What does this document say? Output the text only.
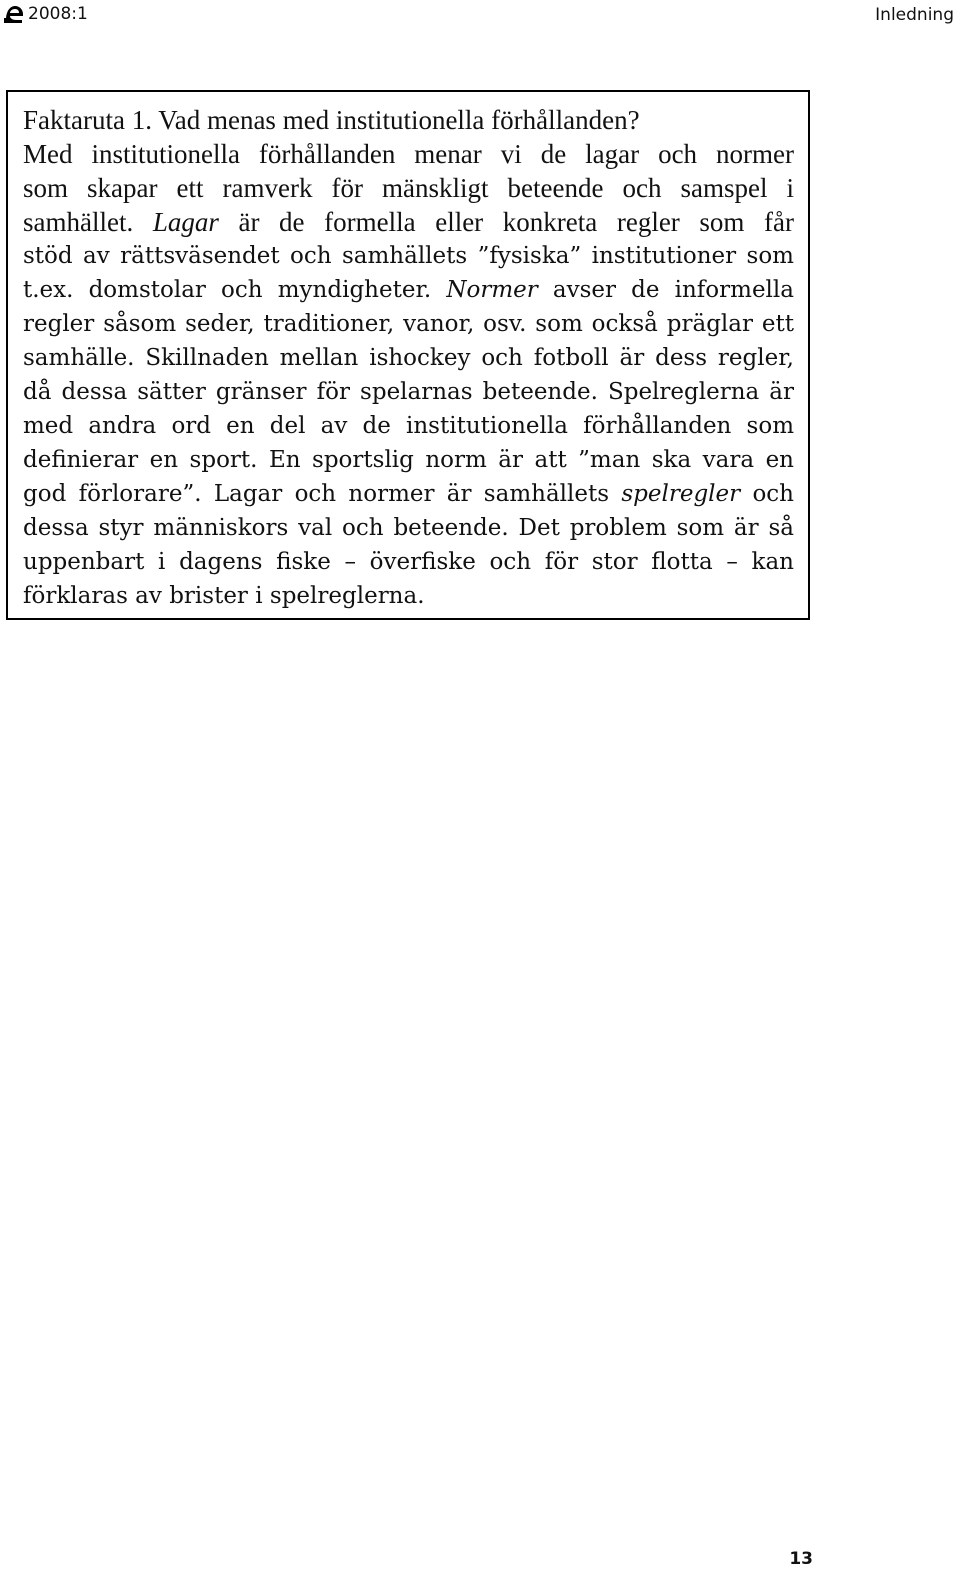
2008:1	Inledning
Faktaruta 1. Vad menas med institutionella förhållanden?
Med institutionella förhållanden menar vi de lagar och normer
som skapar ett ramverk för mänskligt beteende och samspel i
samhället. Lagar är de formella eller konkreta regler som får
stöd av rättsväsendet och samhällets ”fysiska” institutioner som
t.ex. domstolar och myndigheter. Normer avser de informella
regler såsom seder, traditioner, vanor, osv. som också präglar ett
samhälle. Skillnaden mellan ishockey och fotboll är dess regler,
då dessa sätter gränser för spelarnas beteende. Spelreglerna är
med andra ord en del av de institutionella förhållanden som
definierar en sport. En sportslig norm är att ”man ska vara en
god förlorare”. Lagar och normer är samhällets spelregler och
dessa styr människors val och beteende. Det problem som är så
uppenbart i dagens fiske – överfiske och för stor flotta – kan
förklaras av brister i spelreglerna.
13
